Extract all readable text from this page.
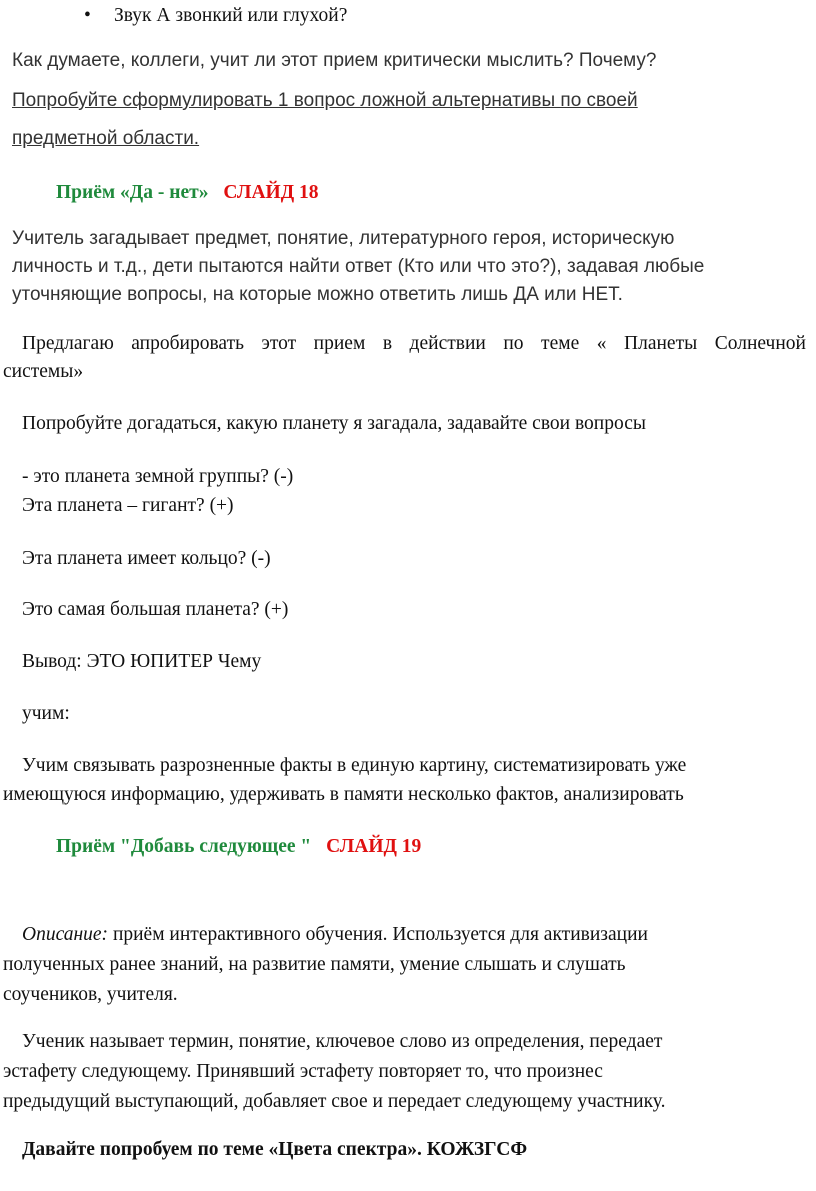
• Звук А звонкий или глухой?
Как думаете, коллеги, учит ли этот прием критически мыслить? Почему?
Попробуйте сформулировать 1 вопрос ложной альтернативы по своей
предметной области.
Приём «Да - нет» СЛАЙД 18
Учитель загадывает предмет, понятие, литературного героя, историческую
личность и т.д., дети пытаются найти ответ (Кто или что это?), задавая любые
уточняющие вопросы, на которые можно ответить лишь ДА или НЕТ.
Предлагаю апробировать этот прием в действии по теме « Планеты Солнечной
системы»
Попробуйте догадаться, какую планету я загадала, задавайте свои вопросы
- это планета земной группы? (-)
Эта планета – гигант? (+)
Эта планета имеет кольцо? (-)
Это самая большая планета? (+)
Вывод: ЭТО ЮПИТЕР Чему
учим:
Учим связывать разрозненные факты в единую картину, систематизировать уже
имеющуюся информацию, удерживать в памяти несколько фактов, анализировать
Приём "Добавь следующее " СЛАЙД 19
Описание: приём интерактивного обучения. Используется для активизации
полученных ранее знаний, на развитие памяти, умение слышать и слушать
соучеников, учителя.
Ученик называет термин, понятие, ключевое слово из определения, передает
эстафету следующему. Принявший эстафету повторяет то, что произнес
предыдущий выступающий, добавляет свое и передает следующему участнику.
Давайте попробуем по теме «Цвета спектра». КОЖЗГСФ
